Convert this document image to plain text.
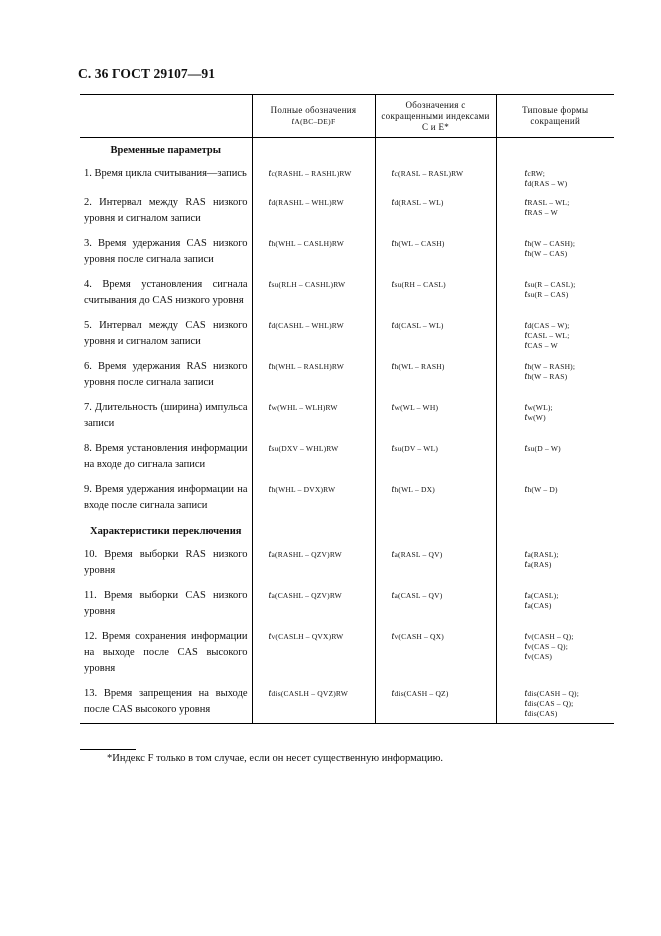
С. 36 ГОСТ 29107—91

	Полные обозначения
tA(BC–DE)F	Обозначения с сокращенными индексами С и Е*	Типовые формы сокращений

Временные параметры			

1. Время цикла считывания—запись	tc(RASHL – RASHL)RW	tc(RASL – RASL)RW	tcRW;
td(RAS – W)

2. Интервал между RAS низкого уровня и сигналом записи	td(RASHL – WHL)RW	td(RASL – WL)	tRASL – WL;
tRAS – W

3. Время удержания CAS низкого уровня после сигнала записи	th(WHL – CASLH)RW	th(WL – CASH)	th(W – CASH);
th(W – CAS)

4. Время установления сигнала считывания до CAS низкого уровня	tsu(RLH – CASHL)RW	tsu(RH – CASL)	tsu(R – CASL);
tsu(R – CAS)

5. Интервал между CAS низкого уровня и сигналом записи	td(CASHL – WHL)RW	td(CASL – WL)	td(CAS – W);
tCASL – WL;
tCAS – W

6. Время удержания RAS низкого уровня после сигнала записи	th(WHL – RASLH)RW	th(WL – RASH)	th(W – RASH);
th(W – RAS)

7. Длительность (ширина) импульса записи	tw(WHL – WLH)RW	tw(WL – WH)	tw(WL);
tw(W)

8. Время установления информации на входе до сигнала записи	tsu(DXV – WHL)RW	tsu(DV – WL)	tsu(D – W)

9. Время удержания информации на входе после сигнала записи	th(WHL – DVX)RW	th(WL – DX)	th(W – D)

Характеристики переключения			

10. Время выборки RAS низкого уровня	ta(RASHL – QZV)RW	ta(RASL – QV)	ta(RASL);
ta(RAS)

11. Время выборки CAS низкого уровня	ta(CASHL – QZV)RW	ta(CASL – QV)	ta(CASL);
ta(CAS)

12. Время сохранения информации на выходе после CAS высокого уровня	tv(CASLH – QVX)RW	tv(CASH – QX)	tv(CASH – Q);
tv(CAS – Q);
tv(CAS)

13. Время запрещения на выходе после CAS высокого уровня	tdis(CASLH – QVZ)RW	tdis(CASH – QZ)	tdis(CASH – Q);
tdis(CAS – Q);
tdis(CAS)
*Индекс F только в том случае, если он несет существенную информацию.
